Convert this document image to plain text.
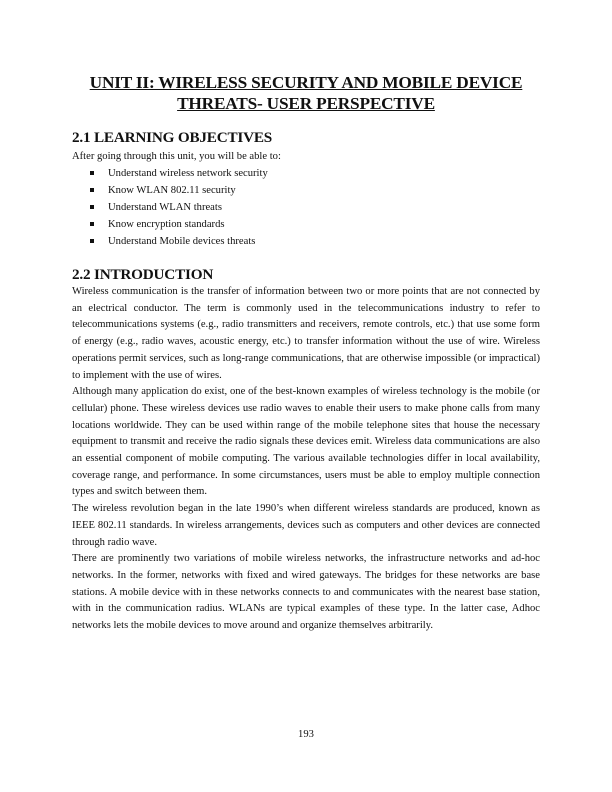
UNIT II: WIRELESS SECURITY AND MOBILE DEVICE
THREATS- USER PERSPECTIVE
2.1 LEARNING OBJECTIVES

After going through this unit, you will be able to:

Understand wireless network security
Know WLAN 802.11 security
Understand WLAN threats
Know encryption standards
Understand Mobile devices threats
2.2 INTRODUCTION

Wireless communication is the transfer of information between two or more points that are not connected by an electrical conductor. The term is commonly used in the telecommunications industry to refer to telecommunications systems (e.g., radio transmitters and receivers, remote controls, etc.) that use some form of energy (e.g., radio waves, acoustic energy, etc.) to transfer information without the use of wire. Wireless operations permit services, such as long-range communications, that are otherwise impossible (or impractical) to implement with the use of wires.

Although many application do exist, one of the best-known examples of wireless technology is the mobile (or cellular) phone. These wireless devices use radio waves to enable their users to make phone calls from many locations worldwide. They can be used within range of the mobile telephone sites that house the necessary equipment to transmit and receive the radio signals these devices emit. Wireless data communications are also an essential component of mobile computing. The various available technologies differ in local availability, coverage range, and performance. In some circumstances, users must be able to employ multiple connection types and switch between them.

The wireless revolution began in the late 1990’s when different wireless standards are produced, known as IEEE 802.11 standards. In wireless arrangements, devices such as computers and other devices are connected through radio wave.

There are prominently two variations of mobile wireless networks, the infrastructure networks and ad-hoc networks. In the former, networks with fixed and wired gateways. The bridges for these networks are base stations. A mobile device with in these networks connects to and communicates with the nearest base station, with in the communication radius. WLANs are typical examples of these type. In the latter case, Adhoc networks lets the mobile devices to move around and organize themselves arbitrarily.

193
